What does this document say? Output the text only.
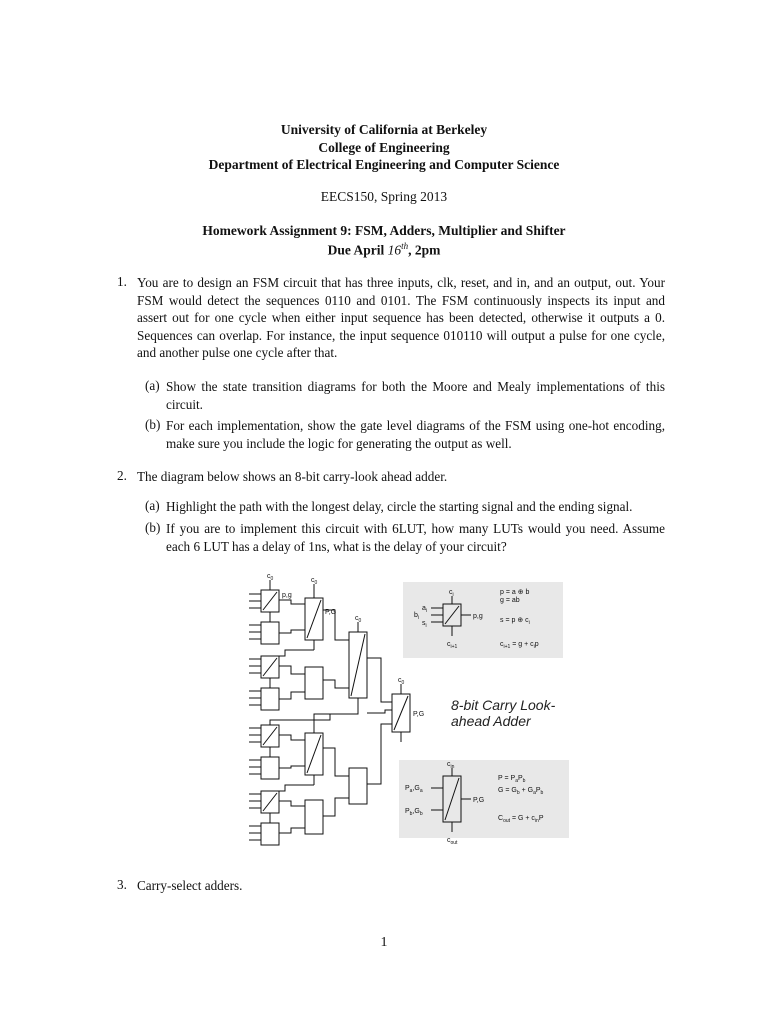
University of California at Berkeley
College of Engineering
Department of Electrical Engineering and Computer Science
EECS150, Spring 2013
Homework Assignment 9: FSM, Adders, Multiplier and Shifter
Due April 16th, 2pm
1. You are to design an FSM circuit that has three inputs, clk, reset, and in, and an output, out. Your FSM would detect the sequences 0110 and 0101. The FSM continuously inspects its input and assert out for one cycle when either input sequence has been detected, otherwise it outputs a 0. Sequences can overlap. For instance, the input sequence 010110 will output a pulse for one cycle, and another pulse one cycle after that.
(a) Show the state transition diagrams for both the Moore and Mealy implementations of this circuit.
(b) For each implementation, show the gate level diagrams of the FSM using one-hot encoding, make sure you include the logic for generating the output as well.
2. The diagram below shows an 8-bit carry-look ahead adder.
(a) Highlight the path with the longest delay, circle the starting signal and the ending signal.
(b) If you are to implement this circuit with 6LUT, how many LUTs would you need. Assume each 6 LUT has a delay of 1ns, what is the delay of your circuit?
$c_0$	$c_0$
$c_0$
$c_0$
p,g
P,G
P,G
8-bit Carry Look-
ahead Adder
$c_i$
$a_i$
$b_i$
$s_i$
$c_{i+1}$
p,g
p = a ⊕ b
g = ab
s = p ⊕ $c_i$
$c_{i+1} = g + c_ip$
$c_{in}$
$P_a,G_a$
$P_b,G_b$
P,G
$c_{out}$
$P = P_aP_b$
$G = G_b + G_aP_b$
$C_{out} = G + c_{in}P$
3. Carry-select adders.
1
